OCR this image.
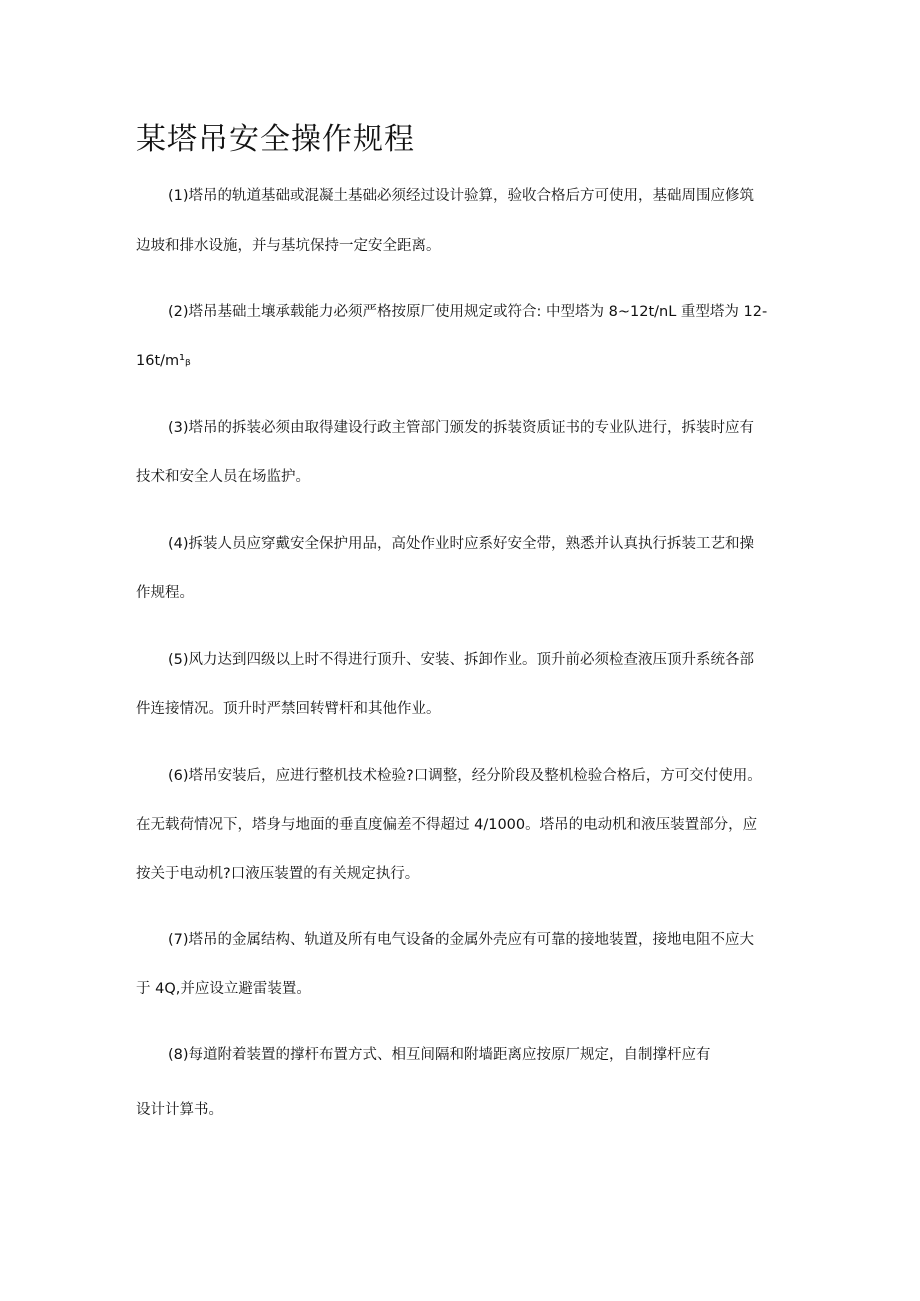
某塔吊安全操作规程

(1)塔吊的轨道基础或混凝土基础必须经过设计验算，验收合格后方可使用，基础周围应修筑

边坡和排水设施，并与基坑保持一定安全距离。

(2)塔吊基础土壤承载能力必须严格按原厂使用规定或符合: 中型塔为 8~12t∕nL 重型塔为 12-

16t∕m¹ᵦ

(3)塔吊的拆装必须由取得建设行政主管部门颁发的拆装资质证书的专业队进行，拆装时应有

技术和安全人员在场监护。

(4)拆装人员应穿戴安全保护用品，高处作业时应系好安全带，熟悉并认真执行拆装工艺和操

作规程。

(5)风力达到四级以上时不得进行顶升、安装、拆卸作业。顶升前必须检查液压顶升系统各部

件连接情况。顶升时严禁回转臂杆和其他作业。

(6)塔吊安装后，应进行整机技术检验?口调整，经分阶段及整机检验合格后，方可交付使用。

在无载荷情况下，塔身与地面的垂直度偏差不得超过 4/1000。塔吊的电动机和液压装置部分，应

按关于电动机?口液压装置的有关规定执行。

(7)塔吊的金属结构、轨道及所有电气设备的金属外壳应有可靠的接地装置，接地电阻不应大

于 4Q,并应设立避雷装置。

(8)每道附着装置的撑杆布置方式、相互间隔和附墙距离应按原厂规定，自制撑杆应有

设计计算书。
